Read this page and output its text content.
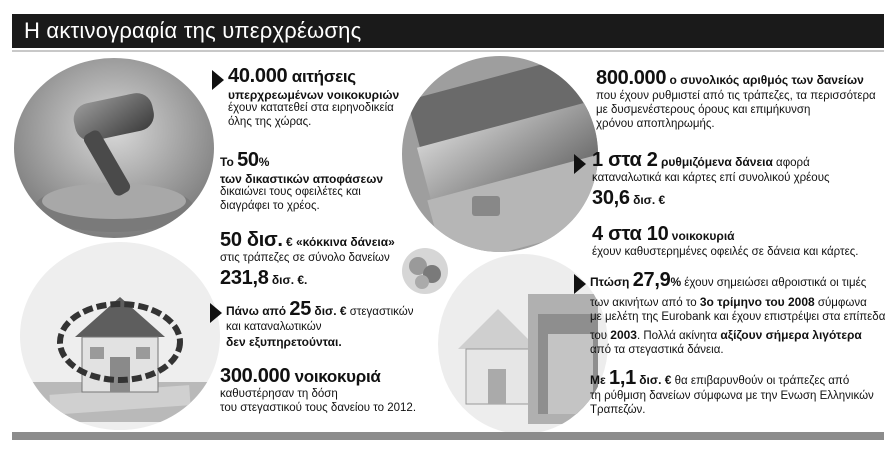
Η ακτινογραφία της υπερχρέωσης
40.000 αιτήσεις
υπερχρεωμένων νοικοκυριών
έχουν κατατεθεί στα ειρηνοδικεία
όλης της χώρας.
Το 50%
των δικαστικών αποφάσεων
δικαιώνει τους οφειλέτες και
διαγράφει το χρέος.
50 δισ. € «κόκκινα δάνεια»
στις τράπεζες σε σύνολο δανείων
231,8 δισ. €.
Πάνω από 25 δισ. € στεγαστικών
και καταναλωτικών
δεν εξυπηρετούνται.
300.000 νοικοκυριά
καθυστέρησαν τη δόση
του στεγαστικού τους δανείου το 2012.
800.000 ο συνολικός αριθμός των δανείων
που έχουν ρυθμιστεί από τις τράπεζες, τα περισσότερα
με δυσμενέστερους όρους και επιμήκυνση
χρόνου αποπληρωμής.
1 στα 2 ρυθμιζόμενα δάνεια αφορά
καταναλωτικά και κάρτες επί συνολικού χρέους
30,6 δισ. €
4 στα 10 νοικοκυριά
έχουν καθυστερημένες οφειλές σε δάνεια και κάρτες.
Πτώση 27,9% έχουν σημειώσει αθροιστικά οι τιμές
των ακινήτων από το 3ο τρίμηνο του 2008 σύμφωνα
με μελέτη της Eurobank και έχουν επιστρέψει στα επίπεδα
του 2003. Πολλά ακίνητα αξίζουν σήμερα λιγότερα
από τα στεγαστικά δάνεια.
Με 1,1 δισ. € θα επιβαρυνθούν οι τράπεζες από
τη ρύθμιση δανείων σύμφωνα με την Ενωση Ελληνικών
Τραπεζών.
